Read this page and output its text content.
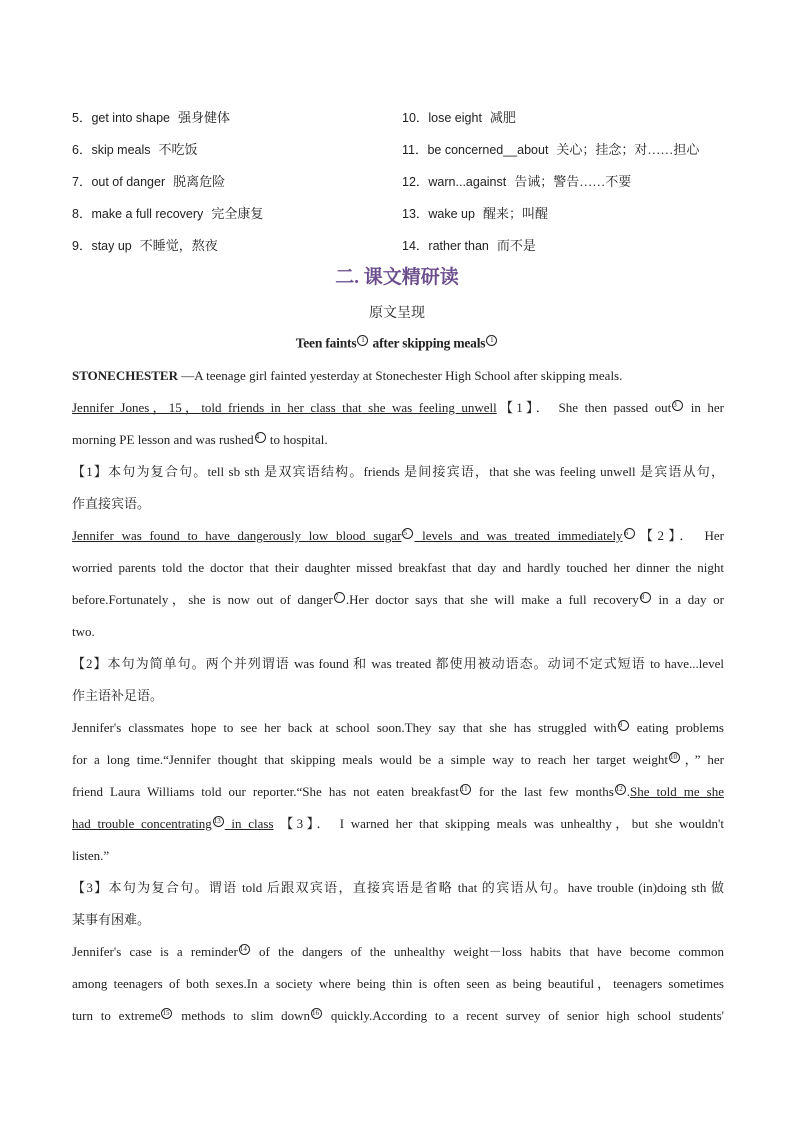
5．get into shape 强身健体	10．lose eight 减肥
6．skip meals 不吃饭	11．be concerned__about 关心；挂念；对……担心
7．out of danger 脱离危险	12．warn...against 告诫；警告……不要
8．make a full recovery 完全康复	13．wake up 醒来；叫醒
9．stay up 不睡觉，熬夜	14．rather than 而不是
二. 课文精研读
原文呈现
Teen faints 1 after skipping meals 1
STONECHESTER —A teenage girl fainted yesterday at Stonechester High School after skipping meals.
Jennifer Jones，15，told friends in her class that she was feeling unwell【1】． She then passed out 3 in her
morning PE lesson and was rushed 4 to hospital.
【1】本句为复合句。tell sb sth 是双宾语结构。friends 是间接宾语，that she was feeling unwell 是宾语从句，
作直接宾语。
Jennifer was found to have dangerously low blood sugar 5 levels and was treated immediately 6 【2】． Her
worried parents told the doctor that their daughter missed breakfast that day and hardly touched her dinner the night
before.Fortunately，she is now out of danger 7 .Her doctor says that she will make a full recovery 8 in a day or
two.
【2】本句为简单句。两个并列谓语 was found 和 was treated 都使用被动语态。动词不定式短语 to have...level
作主语补足语。
Jennifer's classmates hope to see her back at school soon.They say that she has struggled with 9 eating problems
for a long time.“Jennifer thought that skipping meals would be a simple way to reach her target weight 10 ，” her
friend Laura Williams told our reporter.“She has not eaten breakfast 11 for the last few months 12 .She told me she
had trouble concentrating 13 in class 【3】． I warned her that skipping meals was unhealthy，but she wouldn't
listen.”
【3】本句为复合句。谓语 told 后跟双宾语，直接宾语是省略 that 的宾语从句。have trouble (in)doing sth 做
某事有困难。
Jennifer's case is a reminder 14 of the dangers of the unhealthy weight－loss habits that have become common
among teenagers of both sexes.In a society where being thin is often seen as being beautiful，teenagers sometimes
turn to extreme 15 methods to slim down 16 quickly.According to a recent survey of senior high school students'
